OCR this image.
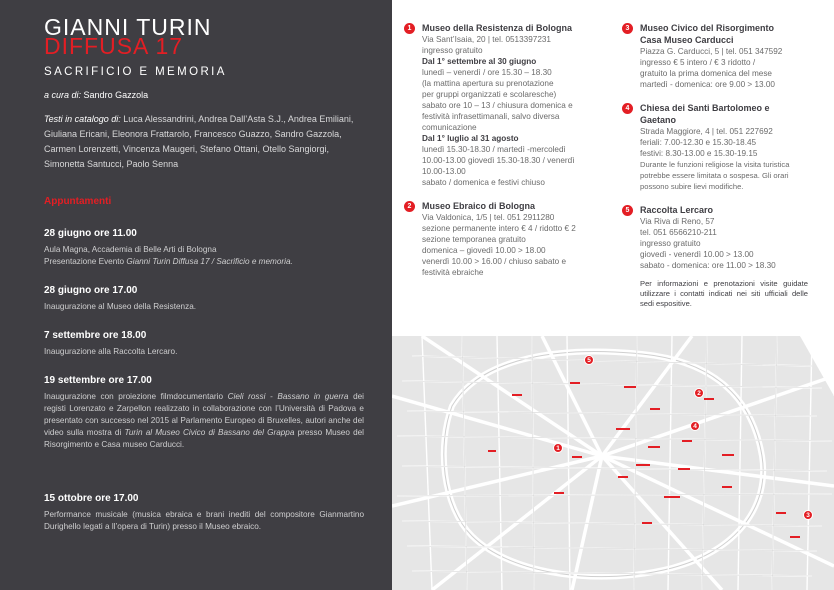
GIANNI TURIN
DIFFUSA 17
SACRIFICIO E MEMORIA
a cura di: Sandro Gazzola
Testi in catalogo di: Luca Alessandrini, Andrea Dall’Asta S.J., Andrea Emiliani, Giuliana Ericani, Eleonora Frattarolo, Francesco Guazzo, Sandro Gazzola, Carmen Lorenzetti, Vincenza Maugeri, Stefano Ottani, Otello Sangiorgi, Simonetta Santucci, Paolo Senna
Appuntamenti
28 giugno ore 11.00
Aula Magna, Accademia di Belle Arti di Bologna
Presentazione Evento Gianni Turin Diffusa 17 / Sacrificio e memoria.
28 giugno ore 17.00
Inaugurazione al Museo della Resistenza.
7 settembre ore 18.00
Inaugurazione alla Raccolta Lercaro.
19 settembre ore 17.00
Inaugurazione con proiezione filmdocumentario Cieli rossi - Bassano in guerra dei registi Lorenzato e Zarpellon realizzato in collaborazione con l’Università di Padova e presentato con successo nel 2015 al Parlamento Europeo di Bruxelles, autori anche del video sulla mostra di Turin al Museo Civico di Bassano del Grappa presso Museo del Risorgimento e Casa museo Carducci.
15 ottobre ore 17.00
Performance musicale (musica ebraica e brani inediti del compositore Gianmartino Durighello legati a ll’opera di Turin) presso il Museo ebraico.
1	Museo della Resistenza di Bologna
Via Sant’Isaia, 20 | tel. 0513397231
ingresso gratuito
Dal 1° settembre al 30 giugno
lunedì – venerdì / ore 15.30 – 18.30
(la mattina apertura su prenotazione
per gruppi organizzati e scolaresche)
sabato ore 10 – 13 / chiusura domenica e
festività infrasettimanali, salvo diversa
comunicazione
Dal 1° luglio al 31 agosto
lunedì 15.30-18.30 / martedì -mercoledì
10.00-13.00 giovedì 15.30-18.30 / venerdì
10.00-13.00
sabato / domenica e festivi chiuso
2	Museo Ebraico di Bologna
Via Valdonica, 1/5 | tel. 051 2911280
sezione permanente intero € 4 / ridotto € 2
sezione temporanea gratuito
domenica – giovedì 10.00 > 18.00
venerdì 10.00 > 16.00 / chiuso sabato e
festività ebraiche
3	Museo Civico del Risorgimento
Casa Museo Carducci
Piazza G. Carducci, 5 | tel. 051 347592
ingresso € 5 intero / € 3 ridotto /
gratuito la prima domenica del mese
martedì - domenica: ore 9.00 > 13.00
4	Chiesa dei Santi Bartolomeo e
Gaetano
Strada Maggiore, 4 | tel. 051 227692
feriali: 7.00-12.30 e 15.30-18.45
festivi: 8.30-13.00 e 15.30-19.15
Durante le funzioni religiose la visita turistica
potrebbe essere limitata o sospesa. Gli orari
possono subire lievi modifiche.
5	Raccolta Lercaro
Via Riva di Reno, 57
tel. 051 6566210-211
ingresso gratuito
giovedì - venerdì 10.00 > 13.00
sabato - domenica: ore 11.00 > 18.30
Per informazioni e prenotazioni visite guidate utilizzare i contatti indicati nei siti ufficiali delle sedi espositive.
5
1
2
4
3
